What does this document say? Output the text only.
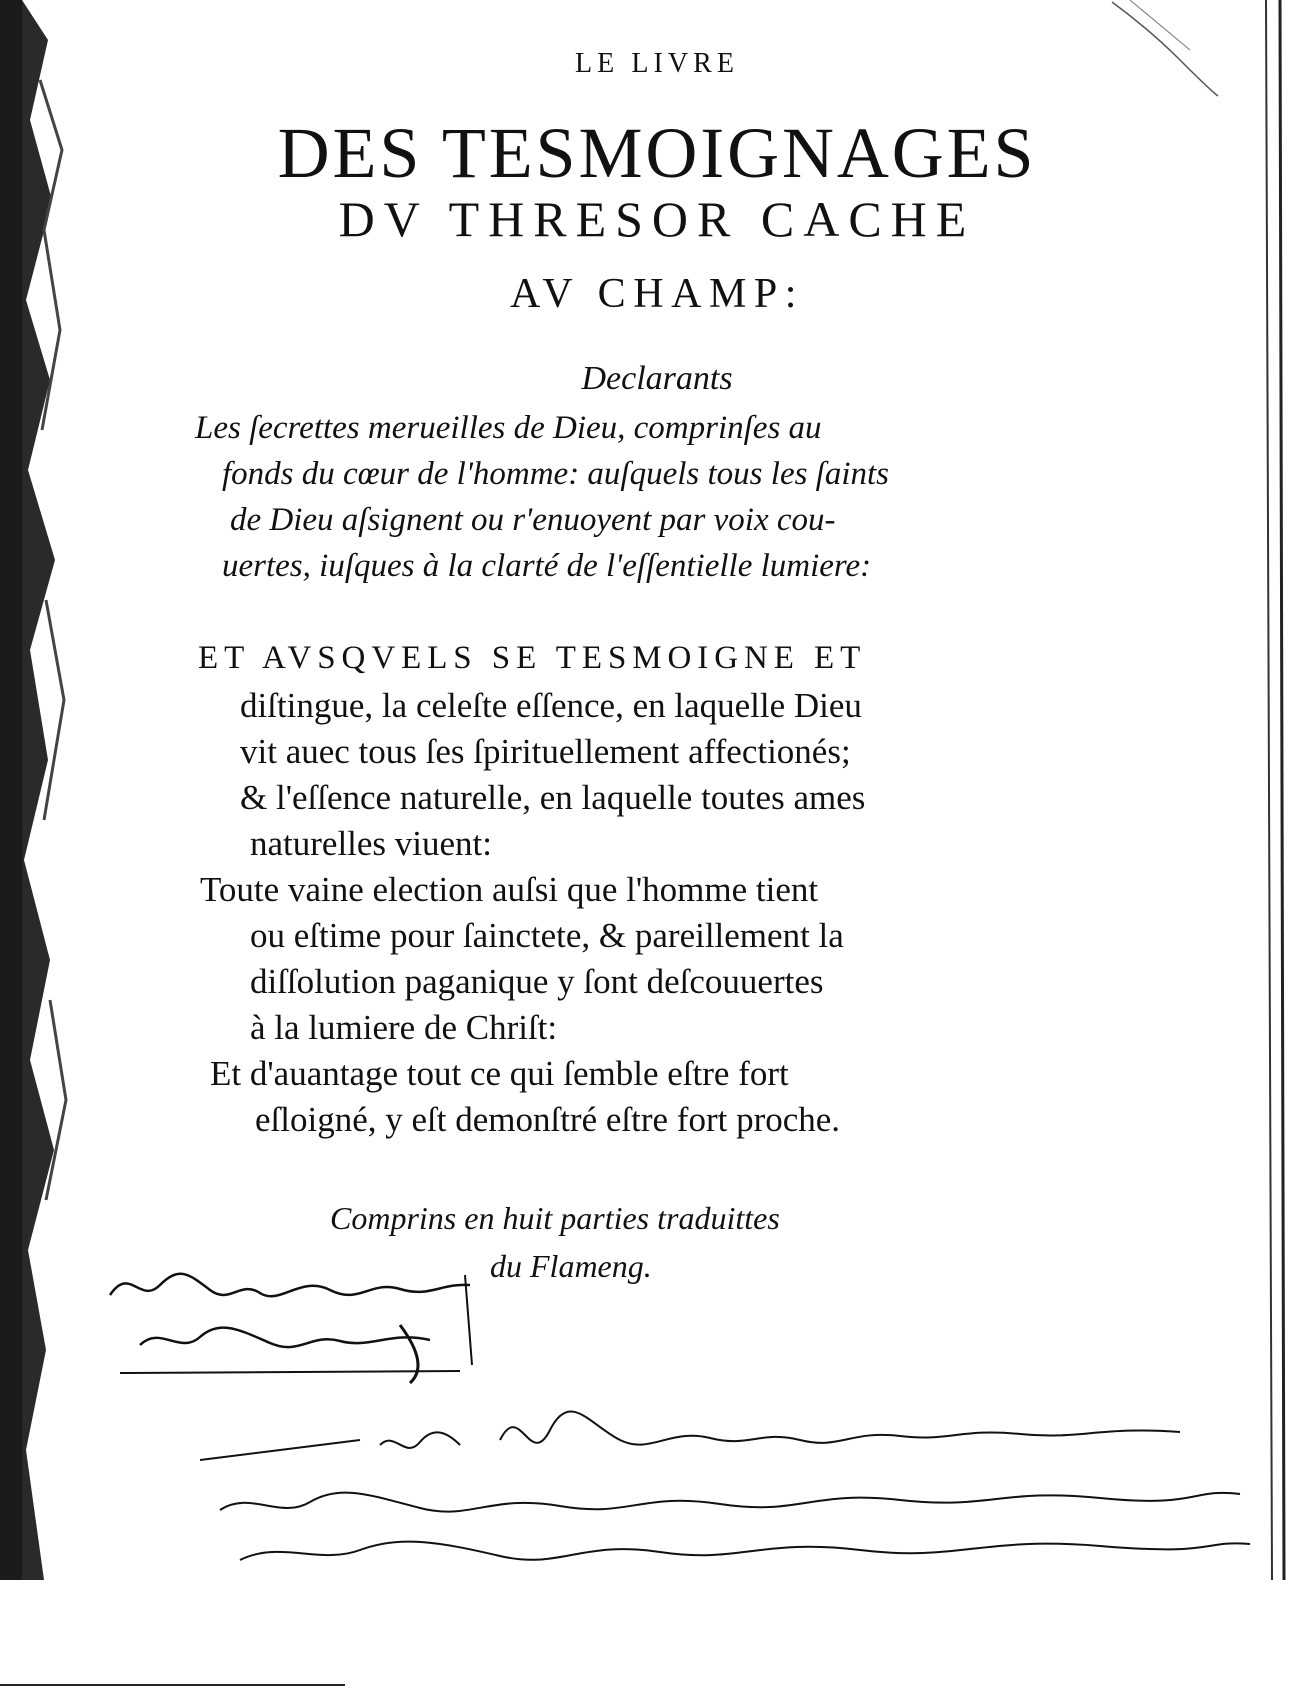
LE LIVRE
DES TESMOIGNAGES
DV THRESOR CACHE
AV CHAMP:
Declarants
Les ſecrettes merueilles de Dieu, comprinſes au
fonds du cœur de l'homme: auſquels tous les ſaints
de Dieu aſsignent ou r'enuoyent par voix cou-
uertes, iuſques à la clarté de l'eſſentielle lumiere:
ET AVSQVELS SE TESMOIGNE ET
diſtingue, la celeſte eſſence, en laquelle Dieu
vit auec tous ſes ſpirituellement affectionés;
& l'eſſence naturelle, en laquelle toutes ames
naturelles viuent:
Toute vaine election auſsi que l'homme tient
ou eſtime pour ſainctete, & pareillement la
diſſolution paganique y ſont deſcouuertes
à la lumiere de Chriſt:
Et d'auantage tout ce qui ſemble eſtre fort
eſloigné, y eſt demonſtré eſtre fort proche.
Comprins en huit parties traduittes
du Flameng.
